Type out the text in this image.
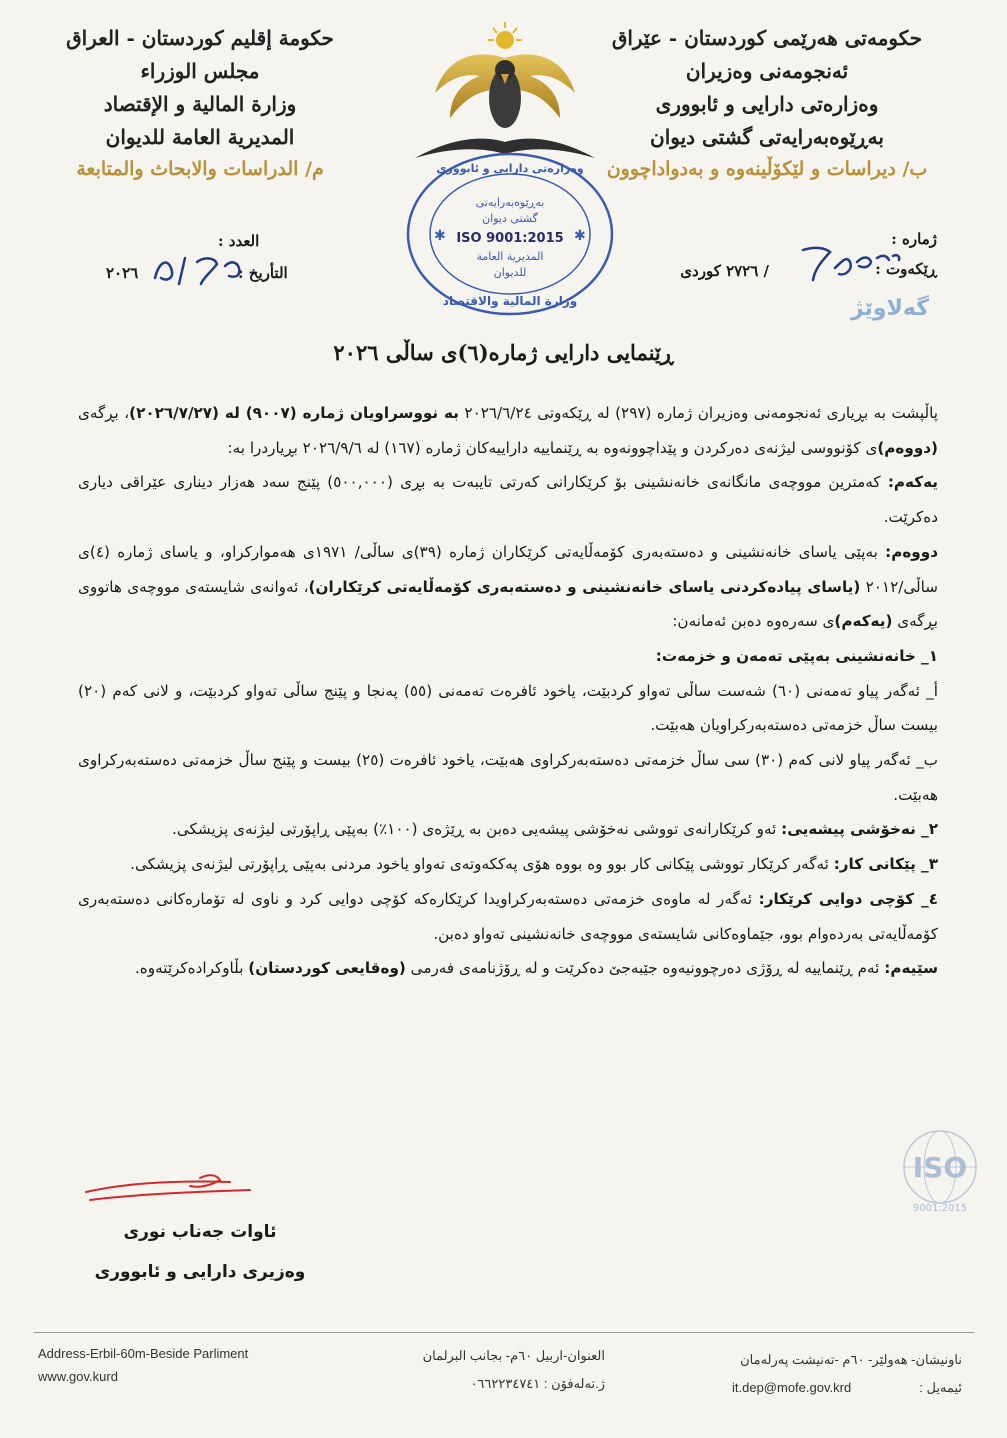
حکومەتی هەرێمی کوردستان - عێراق
ئەنجومەنی وەزیران
وەزارەتی دارایی و ئابووری
بەڕێوەبەرایەتی گشتی دیوان
ب/ دیراسات و لێکۆڵینەوە و بەدواداچوون
حكومة إقليم كوردستان - العراق
مجلس الوزراء
وزارة المالية و الإقتصاد
المديرية العامة للديوان
م/ الدراسات والابحاث والمتابعة	وەزارەتی دارایی و ئابووری
بەڕێوەبەرایەتی
گشتی دیوان
ISO 9001:2015
المديرية العامة
للديوان
وزارة المالية والاقتصاد
✱	✱	ژمارە :
ڕێکەوت :
/ ٢٧٢٦ کوردی
العدد :
التأريخ :
٢٠٢٦
گەلاوێژ
ڕێنمایی دارایی ژمارە(٦)ی ساڵی ٢٠٢٦

پاڵپشت بە بڕیاری ئەنجومەنی وەزیران ژمارە (٢٩٧) لە ڕێکەوتی ٢٠٢٦/٦/٢٤ بە نووسراویان ژمارە (٩٠٠٧) لە (٢٠٢٦/٧/٢٧)، بڕگەی (دووەم)ی کۆنووسی لیژنەی دەرکردن و پێداچوونەوە بە ڕێنماییە داراییەکان ژمارە (١٦٧) لە ٢٠٢٦/٩/٦ بڕیاردرا بە:

یەکەم: کەمترین مووچەی مانگانەی خانەنشینی بۆ کرێکارانی کەرتی تایبەت بە بڕی (٥٠٠,٠٠٠) پێنج سەد هەزار دیناری عێراقی دیاری دەکرێت.

دووەم: بەپێی یاسای خانەنشینی و دەستەبەری کۆمەڵایەتی کرێکاران ژمارە (٣٩)ی ساڵی/ ١٩٧١ی هەموارکراو، و یاسای ژمارە (٤)ی ساڵی/٢٠١٢ (یاسای پیادەکردنی یاسای خانەنشینی و دەستەبەری کۆمەڵایەتی کرێکاران)، ئەوانەی شایستەی مووچەی هاتووی بڕگەی (یەکەم)ی سەرەوە دەبن ئەمانەن:

١_ خانەنشینی بەپێی تەمەن و خزمەت:

أ_ ئەگەر پیاو تەمەنی (٦٠) شەست ساڵی تەواو کردبێت، یاخود ئافرەت تەمەنی (٥٥) پەنجا و پێنج ساڵی تەواو کردبێت، و لانی کەم (٢٠) بیست ساڵ خزمەتی دەستەبەرکراویان هەبێت.

ب_ ئەگەر پیاو لانی کەم (٣٠) سی ساڵ خزمەتی دەستەبەرکراوی هەبێت، یاخود ئافرەت (٢٥) بیست و پێنج ساڵ خزمەتی دەستەبەرکراوی هەبێت.

٢_ نەخۆشی پیشەیی: ئەو کرێکارانەی تووشی نەخۆشی پیشەیی دەبن بە ڕێژەی (١٠٠٪) بەپێی ڕاپۆرتی لیژنەی پزیشکی.

٣_ پێکانی کار: ئەگەر کرێکار تووشی پێکانی کار بوو وە بووە هۆی پەککەوتەی تەواو یاخود مردنی بەپێی ڕاپۆرتی لیژنەی پزیشکی.

٤_ کۆچی دوایی کرێکار: ئەگەر لە ماوەی خزمەتی دەستەبەرکراویدا کرێکارەکە کۆچی دوایی کرد و ناوی لە تۆمارەکانی دەستەبەری کۆمەڵایەتی بەردەوام بوو، جێماوەکانی شایستەی مووچەی خانەنشینی تەواو دەبن.

سێیەم: ئەم ڕێنماییە لە ڕۆژی دەرچوونیەوە جێبەجێ دەکرێت و لە ڕۆژنامەی فەرمی (وەقایعی کوردستان) بڵاوکرادەکرێتەوە.

ISO
9001:2015
ئاوات جەناب نوری
وەزیری دارایی و ئابووری
Address-Erbil-60m-Beside Parliment
www.gov.kurd
العنوان-اربيل ٦٠م- بجانب البرلمان
ژ.تەلەفۆن : ٠٦٦٢٢٣٤٧٤١
ناونیشان- هەولێر- ٦٠م -تەنیشت پەرلەمان
ئیمەیل :
it.dep@mofe.gov.krd
